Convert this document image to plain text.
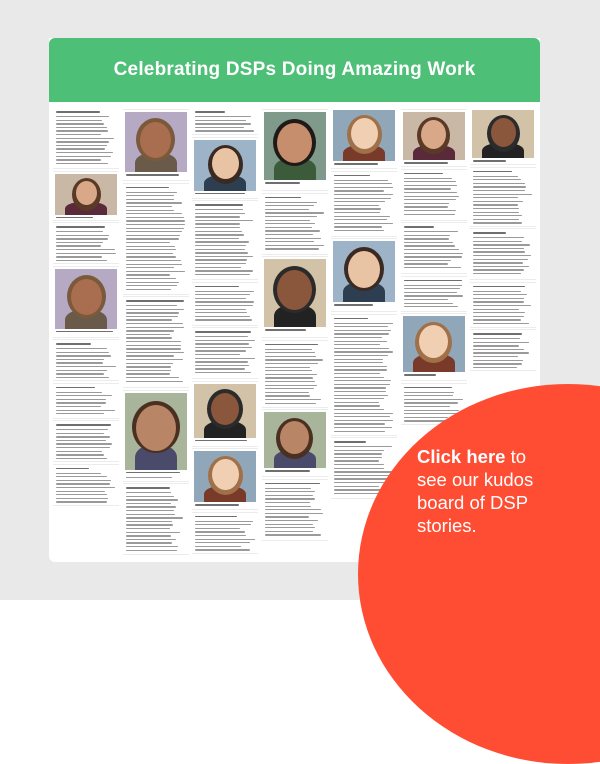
Celebrating DSPs Doing Amazing Work
Click here to see our kudos board of DSP stories.
